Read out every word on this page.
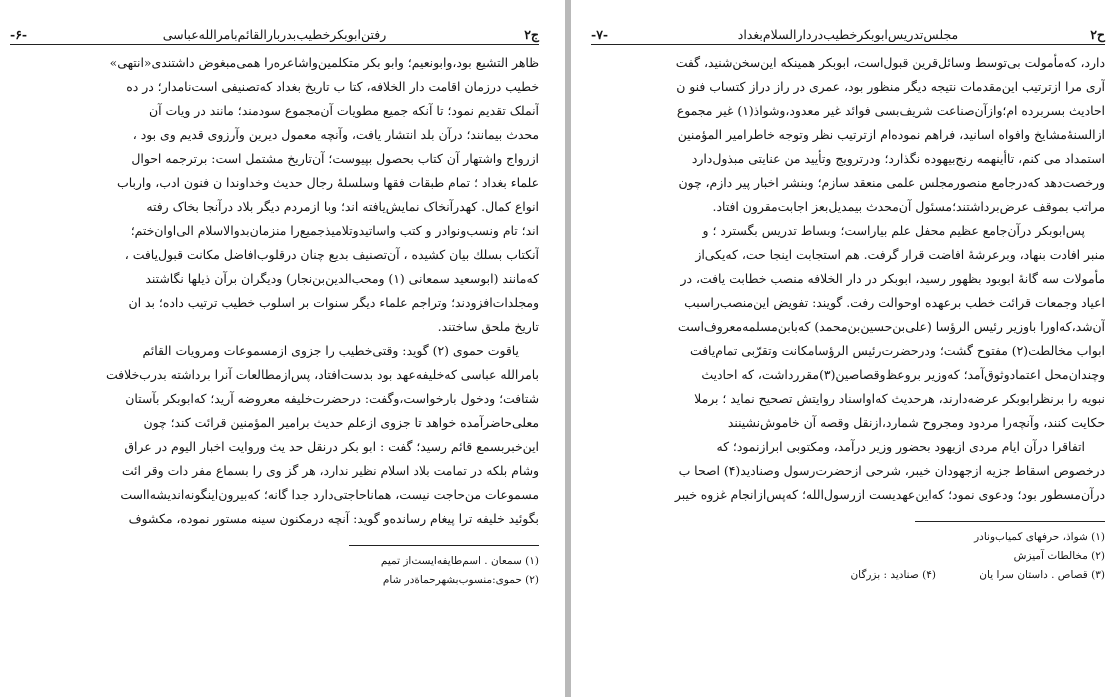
ج۲
رفتن‌ابوبکر‌خطیب‌بدربار‌القائم‌بامرالله‌عباسی
-۶-
ظاهر التشیع بود،وابونعیم؛ وابو بکر متکلمین‌واشاعره‌را همی‌مبغوض داشتندی«انتهی»
خطیب درزمان اقامت دار الخلافه، کتا ب تاریخ بغداد که‌تصنیفی است‌نامدار؛ در ده
آنملک تقدیم نمود؛ تا آنکه جمیع مطویات آن‌مجموع سودمند؛ مانند در ویات آن
محدث بیمانند؛ درآن بلد انتشار یافت، وآنچه معمول دیرین وآرزوی قدیم وی بود ،
ازرواج واشتهار آن کتاب بحصول بپیوست؛ آن‌تاریخ مشتمل است: برترجمه احوال
علماء بغداد ؛ تمام طبقات فقها وسلسلهٔ رجال حدیث وخداوندا ن فنون ادب، وارباب
انواع کمال. کهدرآنخاک نمایش‌یافته اند؛ وبا ازمردم دیگر بلاد درآنجا بخاک رفته
اند؛ تام ونسب‌ونوادر و کتب واساتید‌وتلامیذجمیع‌را منزمان‌بدوالاسلام الی‌اوان‌ختم؛
آنکتاب بسلك بیان کشیده ، آن‌تصنیف بدیع چنان درقلوب‌افاضل مکانت قبول‌یافت ،
که‌مانند (ابوسعید سمعانی (۱) ومحب‌الدین‌بن‌نجار) ودیگران برآن ذیلها نگاشتند
ومجلدات‌افزودند؛ وتراجم علماء دیگر سنوات بر اسلوب خطیب ترتیب داده؛ بد ان
تاریخ ملحق ساختند.
یاقوت حموی (۲) گوید: وقتی‌خطیب را جزوی ازمسموعات ومرویات القائم
بامرالله عباسی که‌خلیفه‌عهد بود بدست‌افتاد، پس‌ازمطالعات آنرا برداشته بدرب‌خلافت
شتافت؛ ودخول بارخواست،وگفت: درحضرت‌خلیفه معروضه آرید؛ که‌ابوبکر بآستان
معلی‌حاضر‌آمده خواهد تا جزوی ازعلم حدیث برامیر المؤمنین قرائت کند؛ چون
این‌خبربسمع قائم رسید؛ گفت : ابو بکر درنقل حد یث وروایت اخبار الیوم در عراق
وشام بلکه در تمامت بلاد اسلام نظیر ندارد، هر گز وی را بسماع مفر دات وقر ائت
مسموعات من‌حاجت نیست، همانا‌حاجتی‌دارد جدا گانه؛ که‌بیرون‌اینگونه‌اندیشه‌ااست
بگوئید خلیفه ترا پیغام رسانده‌و گوید: آنچه درمکنون سینه مستور نموده، مکشوف
(۱) سمعان . اسم‌طایفه‌ایست‌از تمیم
(۲) حموی:منسوب‌بشهر‌حماةدر شام
ح۲
مجلس‌تدریس‌ابوبکر‌خطیب‌دردار‌السلام‌بغداد
-۷-
دارد، که‌مأمولت بی‌توسط وسائل‌قرین قبول‌است، ابوبکر همینکه این‌سخن‌شنید، گفت
آری مرا ازترتیب این‌مقدمات نتیجه دیگر منظور بود، عمری در راز دراز کتساب فنو ن
احادیث بسربرده ام؛و‌ازآن‌صناعت شریف‌بسی فوائد غیر معدود،وشواذ(۱) غیر مجموع
ازالسنهٔ‌مشایخ وافواه اسانید، فراهم نموده‌ام ازترتیب نظر وتوجه خاطرامیر المؤمنین
استمداد می کنم، تاأینهمه رنج‌بیهوده نگذارد؛ ودرترویج وتأیید من عنایتی مبذول‌دارد
ورخصت‌دهد که‌درجامع منصور‌مجلس علمی منعقد سازم؛ وبنشر اخبار پیر دازم، چون
مراتب بموقف عرض‌برداشتند؛مسئول آن‌محدث بیمدیل‌بعز اجابت‌مقرون افتاد.
پس‌ابوبکر درآن‌جامع عظیم محفل علم بیاراست؛ وبساط تدریس بگسترد ؛ و
منبر افادت بنهاد، وبرعرشهٔ افاضت قرار گرفت. هم استجابت اینجا حت، که‌یکی‌از
مأمولات سه گانهٔ ابوبود بظهور رسید، ابوبکر در دار الخلافه منصب خطابت یافت، در
اعیاد وجمعات قرائت خطب برعهده اوحوالت رفت. گویند: تفویض این‌منصب‌راسبب
آن‌شد،که‌اورا باوزیر رئیس الرؤسا (علی‌بن‌حسین‌بن‌محمد) که‌بابن‌مسلمه‌معروف‌است
ابواب مخالطت(۲) مفتوح گشت؛ ودرحضرت‌رئیس الرؤسامکانت وتقرّبی تمام‌یافت
وچندان‌محل اعتمادوثوق‌آمد؛ که‌وزیر بروعظ‌وقصاصین(۳)مقرر‌داشت، که احادیث
نبویه را برنظر‌ابوبکر عرضه‌دارند، هرحدیث که‌اواسناد روایتش تصحیح نماید ؛ برملا
حکایت کنند، وآنچه‌را مردود ومجروح شمارد،ازنقل وقصه آن خاموش‌نشینند
اتفاقرا درآن ایام مردی ازیهود بحضور وزیر درآمد، ومکتوبی ابرازنمود؛ که
درخصوص اسقاط جزیه ازجهودان خیبر، شرحی ازحضرت‌رسول وصنادید(۴) اصحا ب
درآن‌مسطور بود؛ ودعوی نمود؛ که‌این‌عهدیست ازرسول‌الله؛ که‌پس‌ازانجام غزوه خیبر
(۱) شواذ، حرفهای کمیاب‌ونادر
(۲) مخالطات آمیزش
(۳) قصاص . داستان سرا یان (۴) صنادید : بزرگان
